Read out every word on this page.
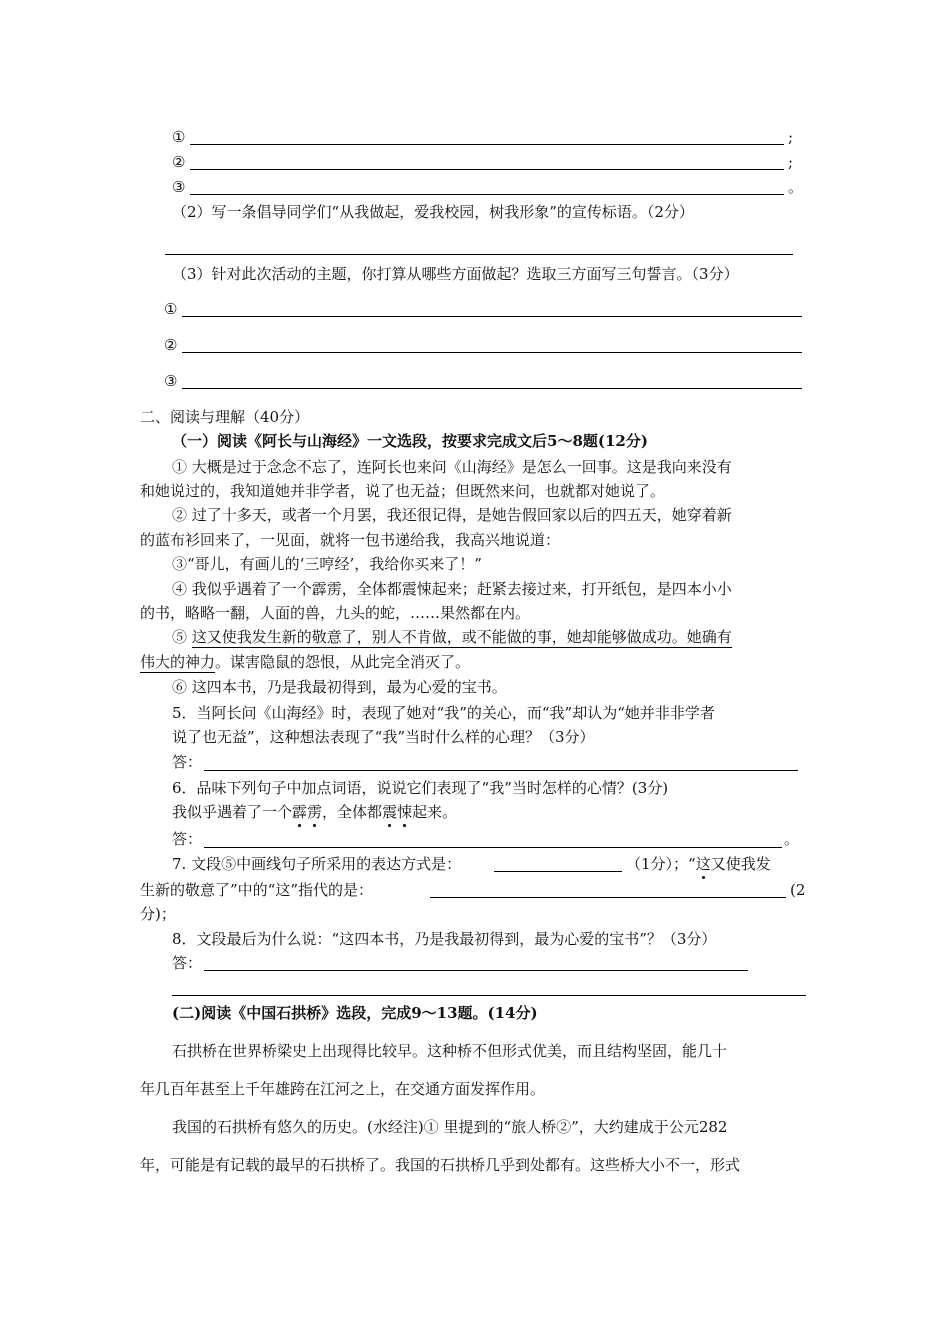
①	;
②	;
③	。
（2）写一条倡导同学们“从我做起，爱我校园，树我形象”的宣传标语。（2分）
（3）针对此次活动的主题，你打算从哪些方面做起？选取三方面写三句誓言。（3分）
①
②
③
二、阅读与理解（40分）
（一）阅读《阿长与山海经》一文选段，按要求完成文后5～8题(12分)
① 大概是过于念念不忘了，连阿长也来问《山海经》是怎么一回事。这是我向来没有
和她说过的，我知道她并非学者，说了也无益；但既然来问，也就都对她说了。
② 过了十多天，或者一个月罢，我还很记得，是她告假回家以后的四五天，她穿着新
的蓝布衫回来了，一见面，就将一包书递给我，我高兴地说道：
③“哥儿，有画儿的‘三哼经’，我给你买来了！”
④ 我似乎遇着了一个霹雳，全体都震悚起来；赶紧去接过来，打开纸包，是四本小小
的书，略略一翻，人面的兽，九头的蛇，……果然都在内。
⑤ 这又使我发生新的敬意了，别人不肯做，或不能做的事，她却能够做成功。她确有
伟大的神力。谋害隐鼠的怨恨，从此完全消灭了。
⑥ 这四本书，乃是我最初得到，最为心爱的宝书。
5．当阿长问《山海经》时，表现了她对“我”的关心，而“我”却认为“她并非非学者
说了也无益”，这种想法表现了“我”当时什么样的心理？（3分）
答：
6．品味下列句子中加点词语，说说它们表现了“我”当时怎样的心情？(3分)
我似乎遇着了一个霹雳，全体都震悚起来。
答：	。
7. 文段⑤中画线句子所采用的表达方式是：	（1分）；“这又使我发
生新的敬意了”中的“这”指代的是：	(2
分)；
8．文段最后为什么说：“这四本书，乃是我最初得到，最为心爱的宝书”？（3分）
答：
(二)阅读《中国石拱桥》选段，完成9～13题。(14分)
石拱桥在世界桥梁史上出现得比较早。这种桥不但形式优美，而且结构坚固，能几十
年几百年甚至上千年雄跨在江河之上，在交通方面发挥作用。
我国的石拱桥有悠久的历史。(水经注)① 里提到的“旅人桥②”，大约建成于公元282
年，可能是有记载的最早的石拱桥了。我国的石拱桥几乎到处都有。这些桥大小不一，形式
